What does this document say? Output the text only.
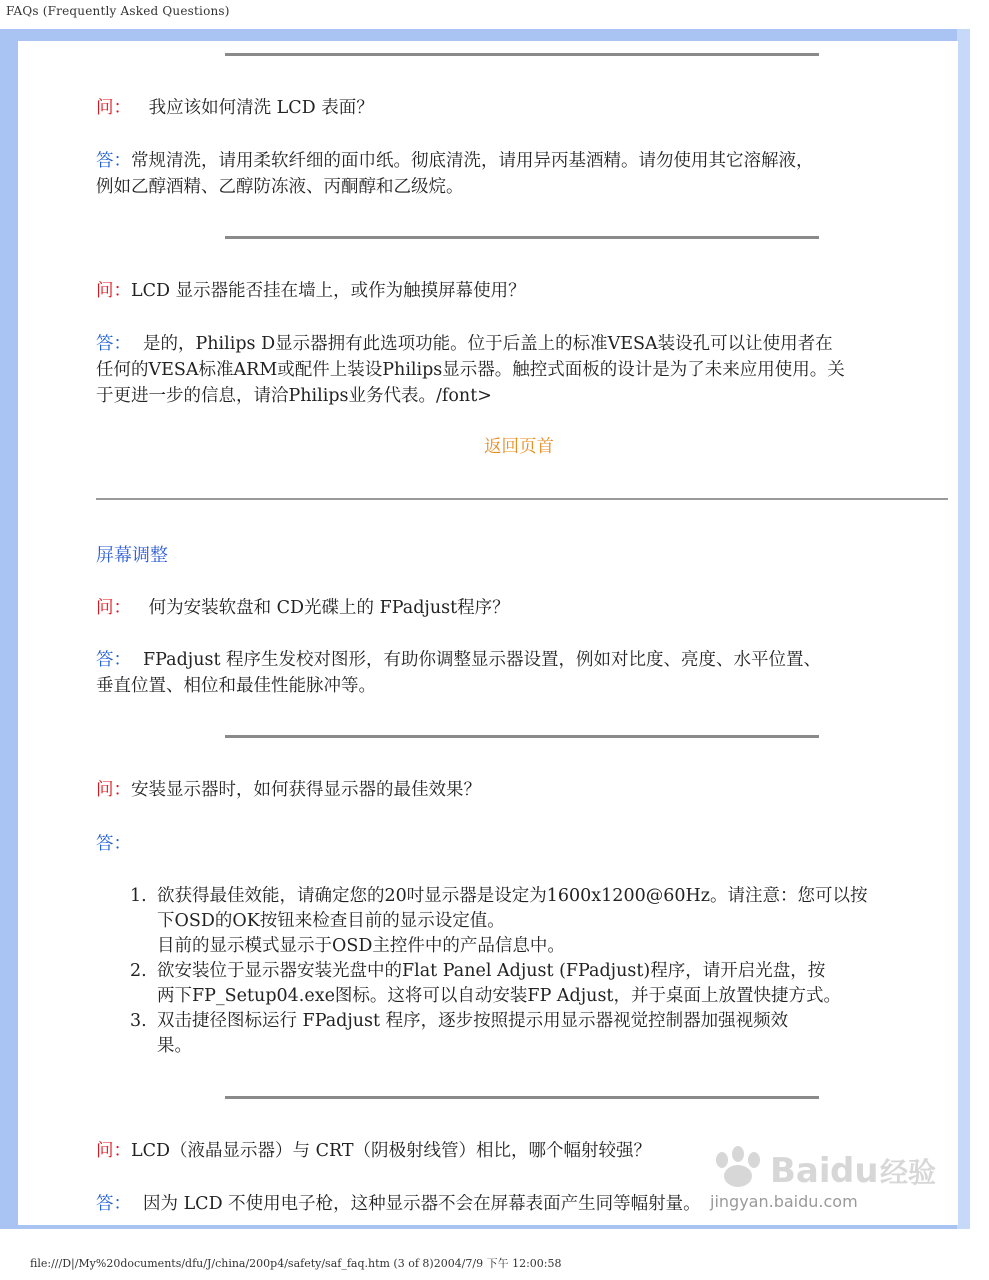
FAQs (Frequently Asked Questions)
问： 我应该如何清洗 LCD 表面？
答：常规清洗，请用柔软纤细的面巾纸。彻底清洗，请用异丙基酒精。请勿使用其它溶解液，
例如乙醇酒精、乙醇防冻液、丙酮醇和乙级烷。
问：LCD 显示器能否挂在墙上，或作为触摸屏幕使用？
答： 是的，Philips D显示器拥有此选项功能。位于后盖上的标准VESA装设孔可以让使用者在
任何的VESA标准ARM或配件上装设Philips显示器。触控式面板的设计是为了未来应用使用。关
于更进一步的信息，请洽Philips业务代表。/font>
返回页首
屏幕调整
问： 何为安装软盘和 CD光碟上的 FPadjust程序？
答： FPadjust 程序生发校对图形，有助你调整显示器设置，例如对比度、亮度、水平位置、
垂直位置、相位和最佳性能脉冲等。
问：安装显示器时，如何获得显示器的最佳效果？
答：
1. 欲获得最佳效能，请确定您的20吋显示器是设定为1600x1200@60Hz。请注意：您可以按
下OSD的OK按钮来检查目前的显示设定值。
目前的显示模式显示于OSD主控件中的产品信息中。
2. 欲安装位于显示器安装光盘中的Flat Panel Adjust (FPadjust)程序，请开启光盘，按
两下FP_Setup04.exe图标。这将可以自动安装FP Adjust，并于桌面上放置快捷方式。
3. 双击捷径图标运行 FPadjust 程序，逐步按照提示用显示器视觉控制器加强视频效
果。
问：LCD（液晶显示器）与 CRT（阴极射线管）相比，哪个幅射较强？
答： 因为 LCD 不使用电子枪，这种显示器不会在屏幕表面产生同等幅射量。
Bai du 经验
jingyan.baidu.com
file:///D|/My%20documents/dfu/J/china/200p4/safety/saf_faq.htm (3 of 8)2004/7/9 下午 12:00:58
